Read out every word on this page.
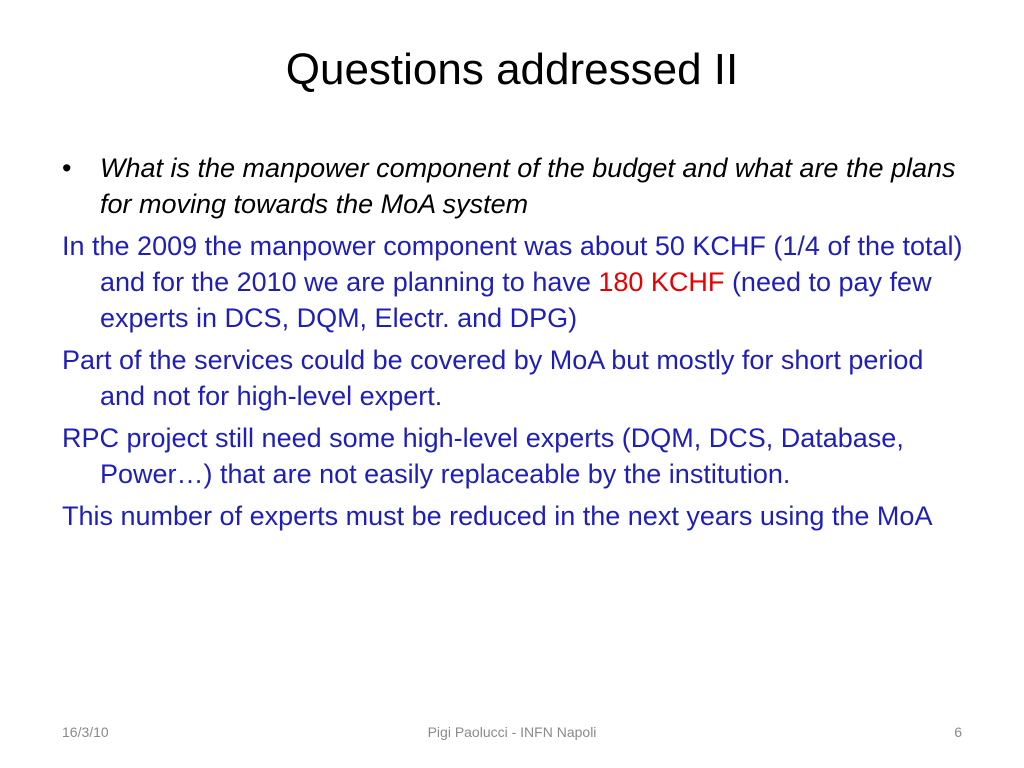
Questions addressed II
• What is the manpower component of the budget and what are the plans for moving towards the MoA system
In the 2009 the manpower component was about 50 KCHF (1/4 of the total) and for the 2010 we are planning to have 180 KCHF (need to pay few experts in DCS, DQM, Electr. and DPG)
Part of the services could be covered by MoA but mostly for short period and not for high-level expert.
RPC project still need some high-level experts (DQM, DCS, Database, Power…) that are not easily replaceable by the institution.
This number of experts must be reduced in the next years using the MoA
16/3/10	Pigi Paolucci - INFN Napoli	6
